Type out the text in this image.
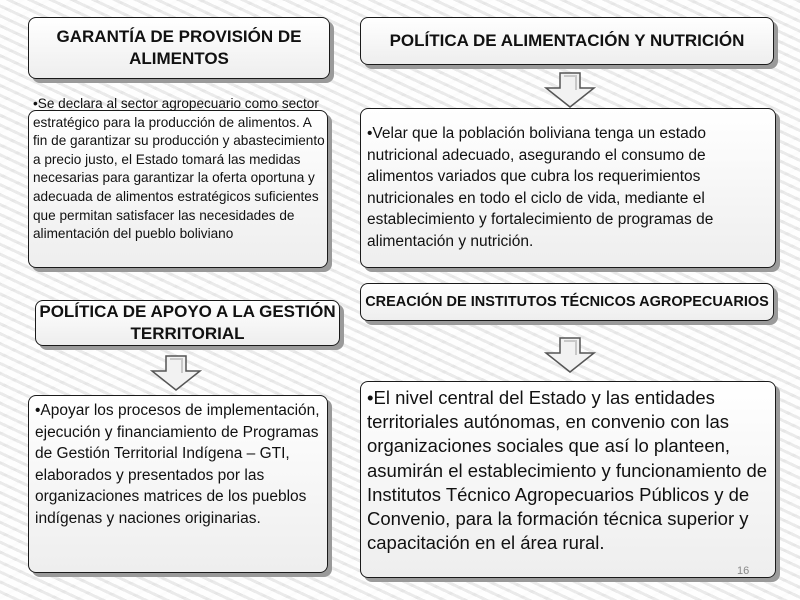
GARANTÍA DE PROVISIÓN DE ALIMENTOS
•Se declara al sector agropecuario como sector estratégico para la producción de alimentos. A fin de garantizar su producción y abastecimiento a precio justo, el Estado tomará las medidas necesarias para garantizar la oferta oportuna y adecuada de alimentos estratégicos suficientes que permitan satisfacer las necesidades de alimentación del pueblo boliviano
POLÍTICA DE APOYO A LA GESTIÓN TERRITORIAL
•Apoyar los procesos de implementación, ejecución y financiamiento de Programas de Gestión Territorial Indígena – GTI, elaborados y presentados por las organizaciones matrices de los pueblos indígenas y naciones originarias.
POLÍTICA DE ALIMENTACIÓN Y NUTRICIÓN
•Velar que la población boliviana tenga un estado nutricional adecuado, asegurando el consumo de alimentos variados que cubra los requerimientos nutricionales en todo el ciclo de vida, mediante el establecimiento y fortalecimiento de programas de alimentación y nutrición.
CREACIÓN DE INSTITUTOS TÉCNICOS AGROPECUARIOS
•El nivel central del Estado y las entidades territoriales autónomas, en convenio con las organizaciones sociales que así lo planteen, asumirán el establecimiento y funcionamiento de Institutos Técnico Agropecuarios Públicos y de Convenio, para la formación técnica superior y capacitación en el área rural.
16
